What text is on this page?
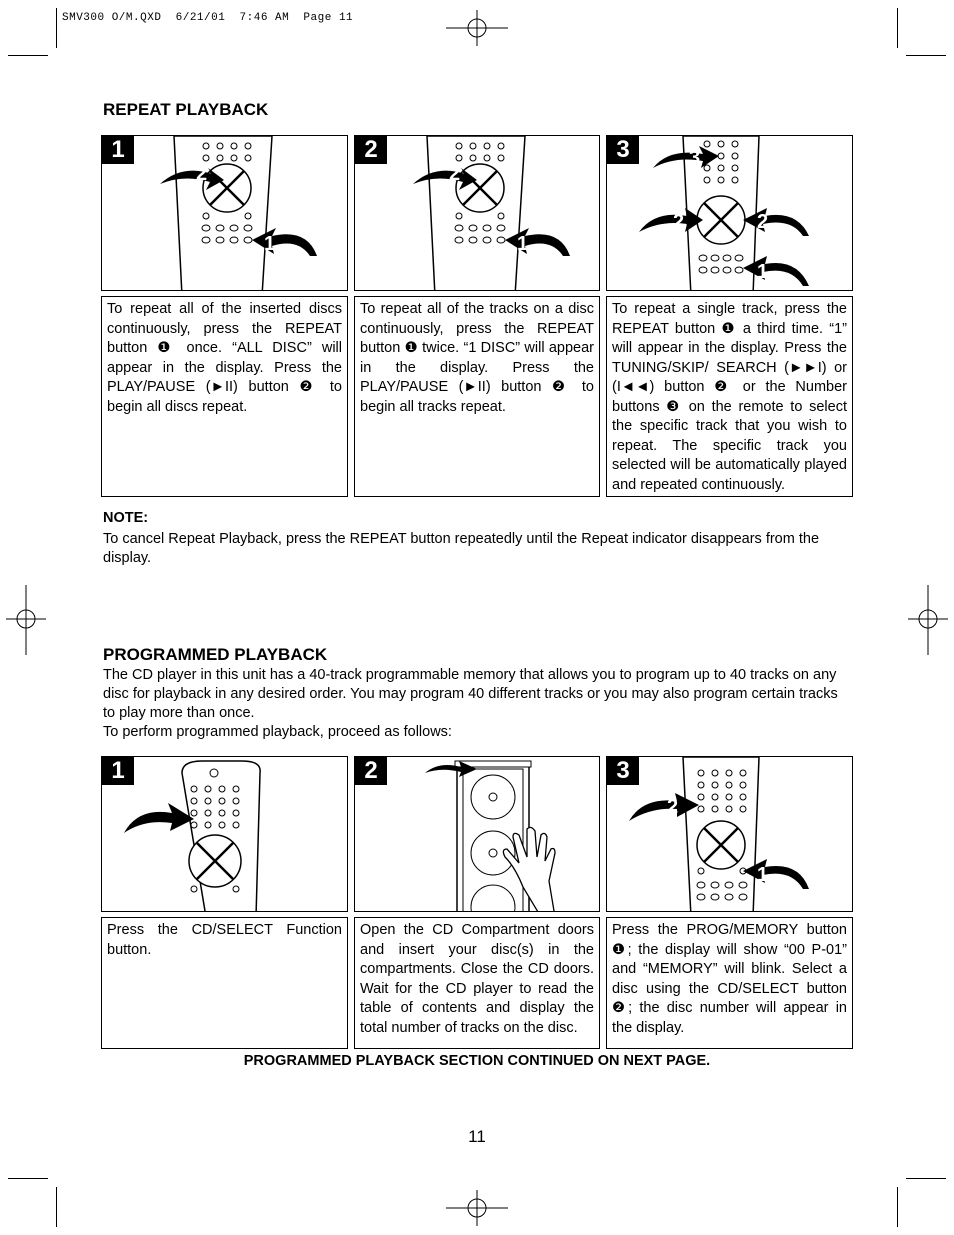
SMV300 O/M.QXD  6/21/01  7:46 AM  Page 11
REPEAT PLAYBACK
1
2
1
2
2
1
3	3
2	2
1

To repeat all of the inserted discs continuously, press the REPEAT button ❶ once. “ALL DISC” will appear in the display. Press the PLAY/PAUSE (►II) button ❷ to begin all discs repeat.

To repeat all of the tracks on a disc continuously, press the REPEAT button ❶ twice. “1 DISC” will appear in the display. Press the PLAY/PAUSE (►II) button ❷ to begin all tracks repeat.

To repeat a single track, press the REPEAT button ❶ a third time. “1” will appear in the display. Press the TUNING/SKIP/ SEARCH (►►I) or (I◄◄) button ❷ or the Number buttons ❸ on the remote to select the specific track that you wish to repeat. The specific track you selected will be automatically played and repeated continuously.

NOTE:
To cancel Repeat Playback, press the REPEAT button repeatedly until the Repeat indicator disappears from the display.
PROGRAMMED PLAYBACK
The CD player in this unit has a 40-track programmable memory that allows you to program up to 40 tracks on any disc for playback in any desired order. You may program 40 different tracks or you may also program certain tracks to play more than once.
To perform programmed playback, proceed as follows:
1	2	3
2
1

Press the CD/SELECT Function button.

Open the CD Compartment doors and insert your disc(s) in the compartments. Close the CD doors. Wait for the CD player to read the table of contents and display the total number of tracks on the disc.

Press the PROG/MEMORY button ❶; the display will show “00 P-01” and “MEMORY” will blink. Select a disc using the CD/SELECT button ❷; the disc number will appear in the display.

PROGRAMMED PLAYBACK SECTION CONTINUED ON NEXT PAGE.
11
